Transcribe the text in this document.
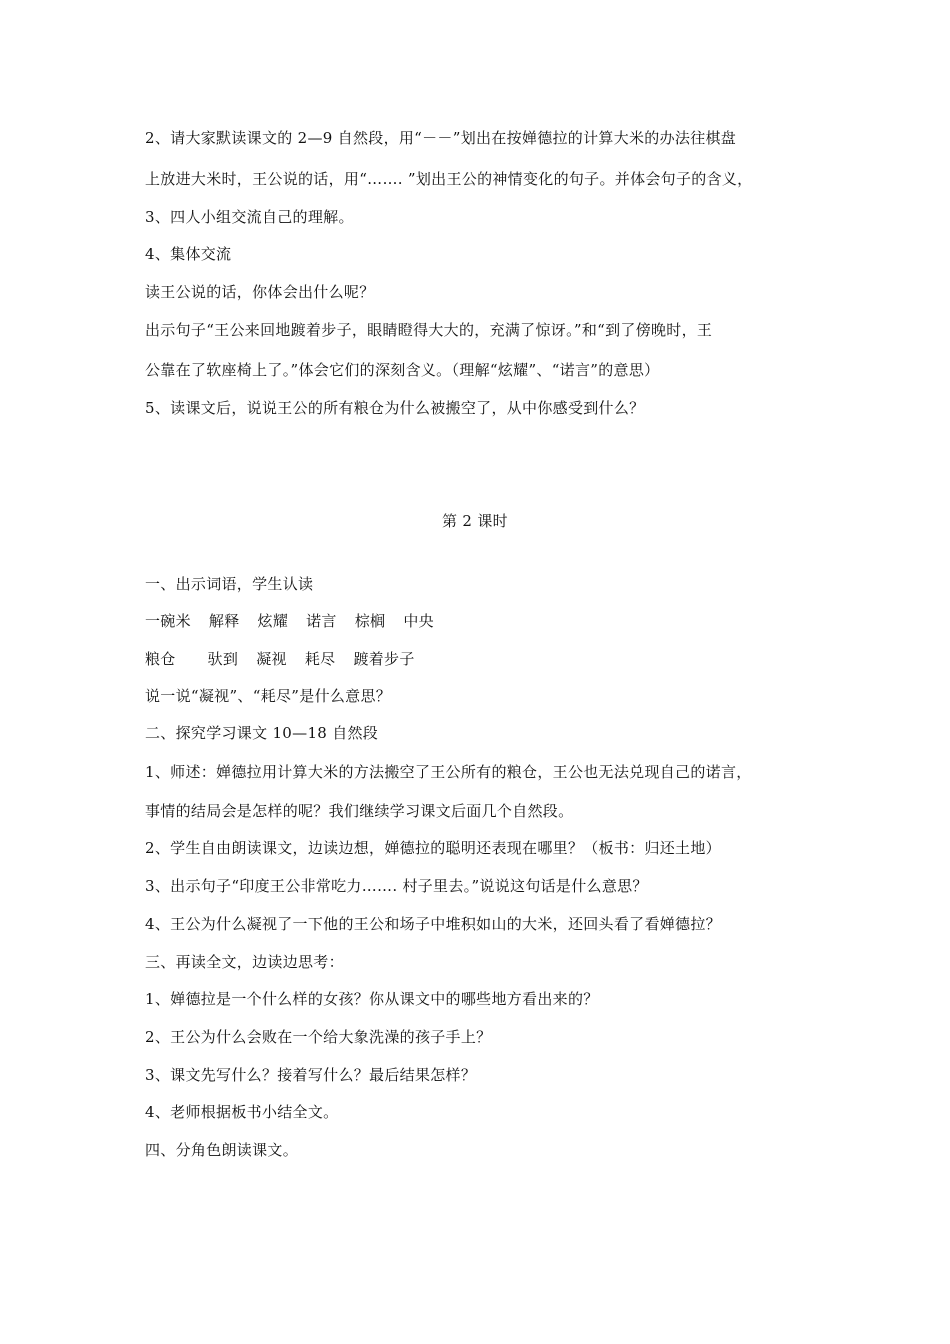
2、请大家默读课文的 2—9 自然段，用“－－”划出在按婵德拉的计算大米的办法往棋盘
上放进大米时，王公说的话，用“……. ”划出王公的神情变化的句子。并体会句子的含义，
3、四人小组交流自己的理解。
4、集体交流
读王公说的话，你体会出什么呢？
出示句子“王公来回地踱着步子，眼睛瞪得大大的，充满了惊讶。”和“到了傍晚时，王
公靠在了软座椅上了。”体会它们的深刻含义。（理解“炫耀”、“诺言”的意思）
5、读课文后，说说王公的所有粮仓为什么被搬空了，从中你感受到什么？
第 2 课时
一、出示词语，学生认读
一碗米 解释 炫耀 诺言 棕榈 中央
粮仓 驮到 凝视 耗尽 踱着步子
说一说“凝视”、“耗尽”是什么意思？
二、探究学习课文 10—18 自然段
1、师述：婵德拉用计算大米的方法搬空了王公所有的粮仓，王公也无法兑现自己的诺言，
事情的结局会是怎样的呢？我们继续学习课文后面几个自然段。
2、学生自由朗读课文，边读边想，婵德拉的聪明还表现在哪里？（板书：归还土地）
3、出示句子“印度王公非常吃力……. 村子里去。”说说这句话是什么意思？
4、王公为什么凝视了一下他的王公和场子中堆积如山的大米，还回头看了看婵德拉？
三、再读全文，边读边思考：
1、婵德拉是一个什么样的女孩？你从课文中的哪些地方看出来的？
2、王公为什么会败在一个给大象洗澡的孩子手上？
3、课文先写什么？接着写什么？最后结果怎样？
4、老师根据板书小结全文。
四、分角色朗读课文。
